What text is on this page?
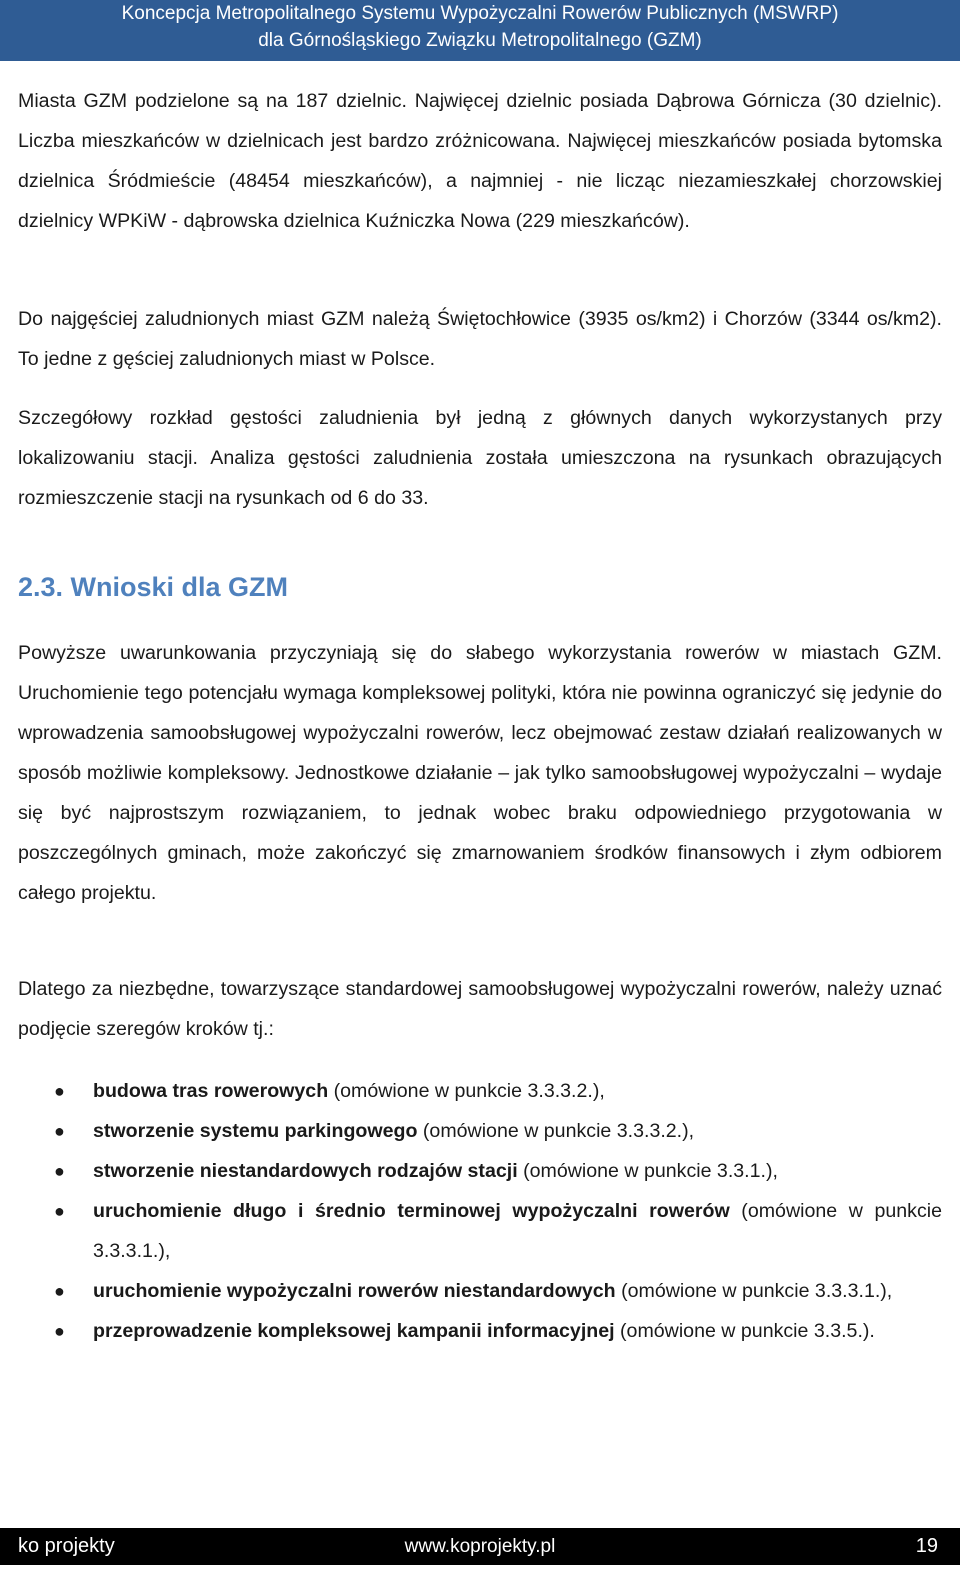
Koncepcja Metropolitalnego Systemu Wypożyczalni Rowerów Publicznych (MSWRP)
dla Górnośląskiego Związku Metropolitalnego (GZM)

Miasta GZM podzielone są na 187 dzielnic. Najwięcej dzielnic posiada Dąbrowa Górnicza (30 dzielnic). Liczba mieszkańców w dzielnicach jest bardzo zróżnicowana. Najwięcej mieszkańców posiada bytomska dzielnica Śródmieście (48454 mieszkańców), a najmniej - nie licząc niezamieszkałej chorzowskiej dzielnicy WPKiW - dąbrowska dzielnica Kuźniczka Nowa (229 mieszkańców).

Do najgęściej zaludnionych miast GZM należą Świętochłowice (3935 os/km2) i Chorzów (3344 os/km2). To jedne z gęściej zaludnionych miast w Polsce.

Szczegółowy rozkład gęstości zaludnienia był jedną z głównych danych wykorzystanych przy lokalizowaniu stacji. Analiza gęstości zaludnienia została umieszczona na rysunkach obrazujących rozmieszczenie stacji na rysunkach od 6 do 33.

2.3. Wnioski dla GZM

Powyższe uwarunkowania przyczyniają się do słabego wykorzystania rowerów w miastach GZM. Uruchomienie tego potencjału wymaga kompleksowej polityki, która nie powinna ograniczyć się jedynie do wprowadzenia samoobsługowej wypożyczalni rowerów, lecz obejmować zestaw działań realizowanych w sposób możliwie kompleksowy. Jednostkowe działanie – jak tylko samoobsługowej wypożyczalni – wydaje się być najprostszym rozwiązaniem, to jednak wobec braku odpowiedniego przygotowania w poszczególnych gminach, może zakończyć się zmarnowaniem środków finansowych i złym odbiorem całego projektu.

Dlatego za niezbędne, towarzyszące standardowej samoobsługowej wypożyczalni rowerów, należy uznać podjęcie szeregów kroków tj.:

● budowa tras rowerowych (omówione w punkcie 3.3.3.2.),
● stworzenie systemu parkingowego (omówione w punkcie 3.3.3.2.),
● stworzenie niestandardowych rodzajów stacji (omówione w punkcie 3.3.1.),
● uruchomienie długo i średnio terminowej wypożyczalni rowerów (omówione w punkcie 3.3.3.1.),
● uruchomienie wypożyczalni rowerów niestandardowych (omówione w punkcie 3.3.3.1.),
● przeprowadzenie kompleksowej kampanii informacyjnej (omówione w punkcie 3.3.5.).
www.koprojekty.pl
ko projekty	19
